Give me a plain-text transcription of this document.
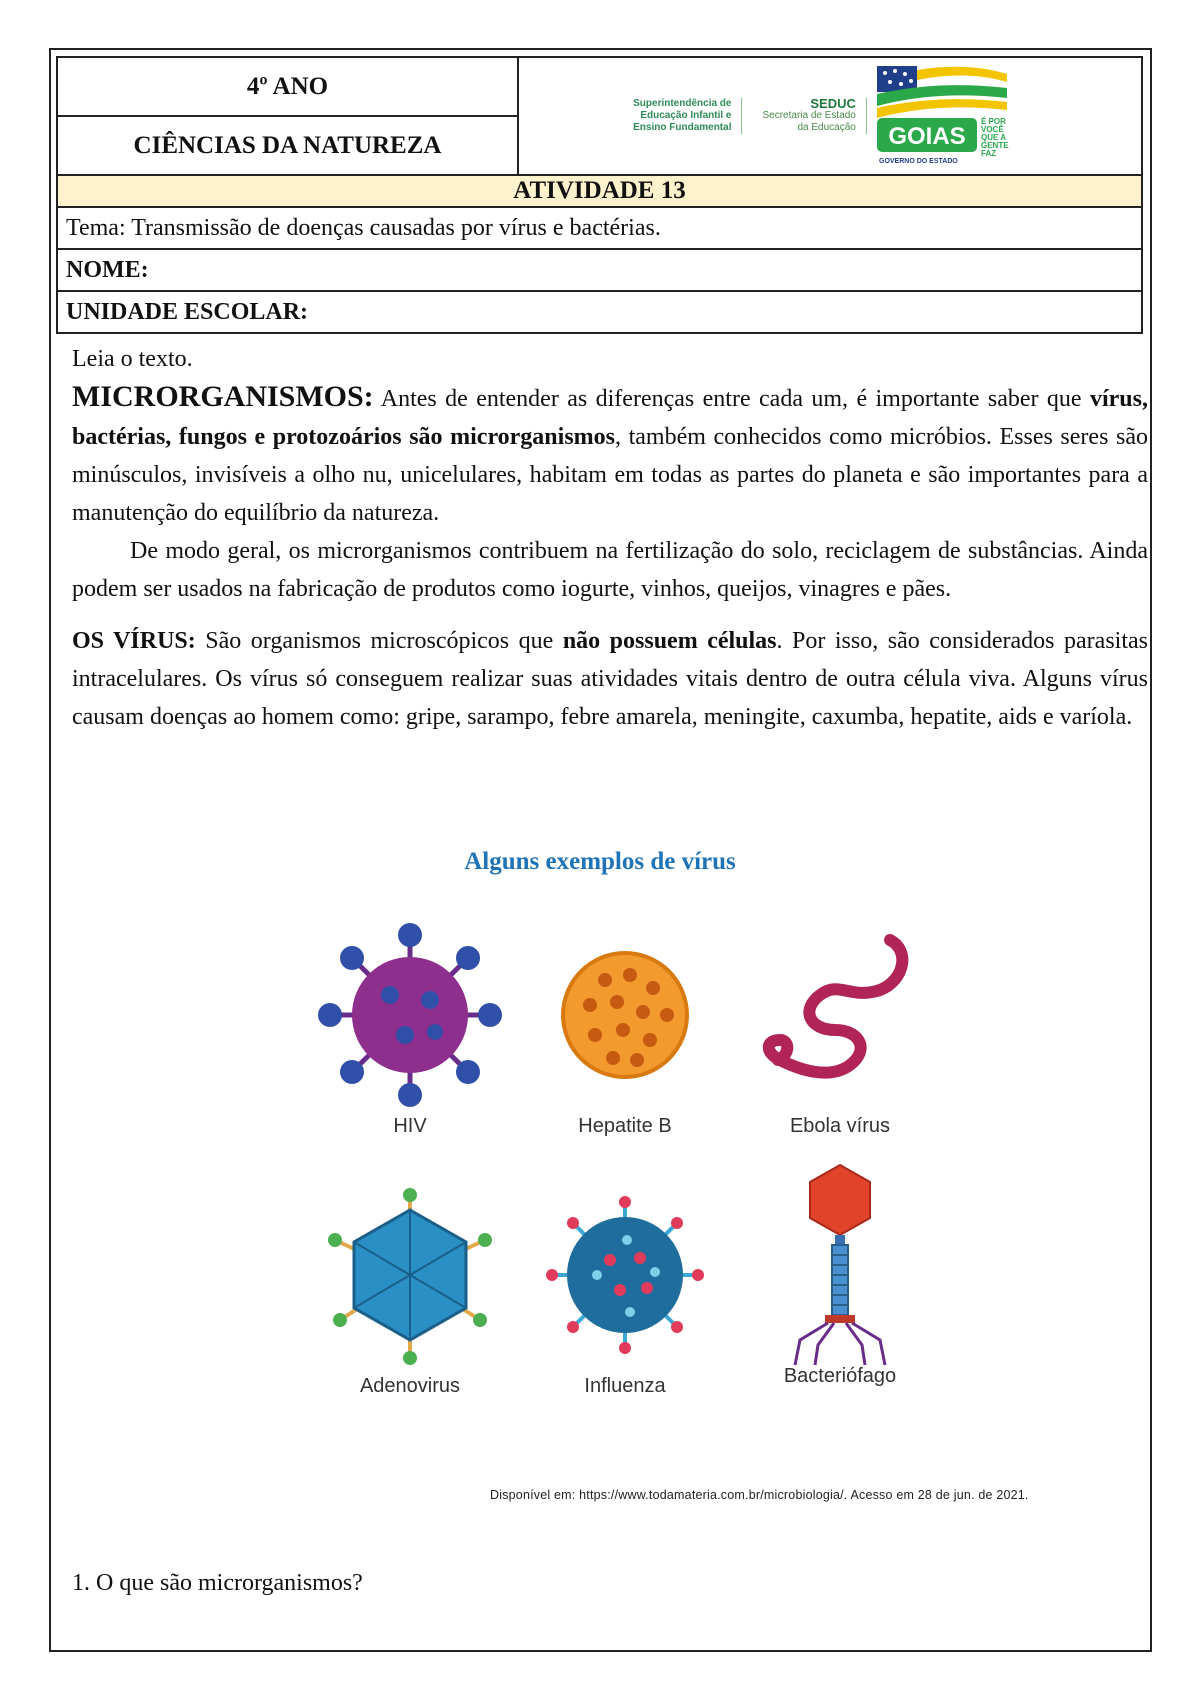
4º ANO	
Superintendência de
Educação Infantil e
Ensino Fundamental
SEDUC
Secretaria de Estado
da Educação GOIAS
É POR
VOCÊ
QUE A
GENTE
FAZ
GOVERNO DO ESTADO

CIÊNCIAS DA NATUREZA
ATIVIDADE 13
Tema: Transmissão de doenças causadas por vírus e bactérias.
NOME:
UNIDADE ESCOLAR:

Leia o texto.

MICRORGANISMOS: Antes de entender as diferenças entre cada um, é importante saber que vírus, bactérias, fungos e protozoários são microrganismos, também conhecidos como micróbios. Esses seres são minúsculos, invisíveis a olho nu, unicelulares, habitam em todas as partes do planeta e são importantes para a manutenção do equilíbrio da natureza.

De modo geral, os microrganismos contribuem na fertilização do solo, reciclagem de substâncias. Ainda podem ser usados na fabricação de produtos como iogurte, vinhos, queijos, vinagres e pães.

OS VÍRUS: São organismos microscópicos que não possuem células. Por isso, são considerados parasitas intracelulares. Os vírus só conseguem realizar suas atividades vitais dentro de outra célula viva. Alguns vírus causam doenças ao homem como: gripe, sarampo, febre amarela, meningite, caxumba, hepatite, aids e varíola.

Alguns exemplos de vírus
HIV	Hepatite B	Ebola vírus
Adenovirus	Influenza	Bacteriófago
Disponível em: https://www.todamateria.com.br/microbiologia/. Acesso em 28 de jun. de 2021.
1. O que são microrganismos?
